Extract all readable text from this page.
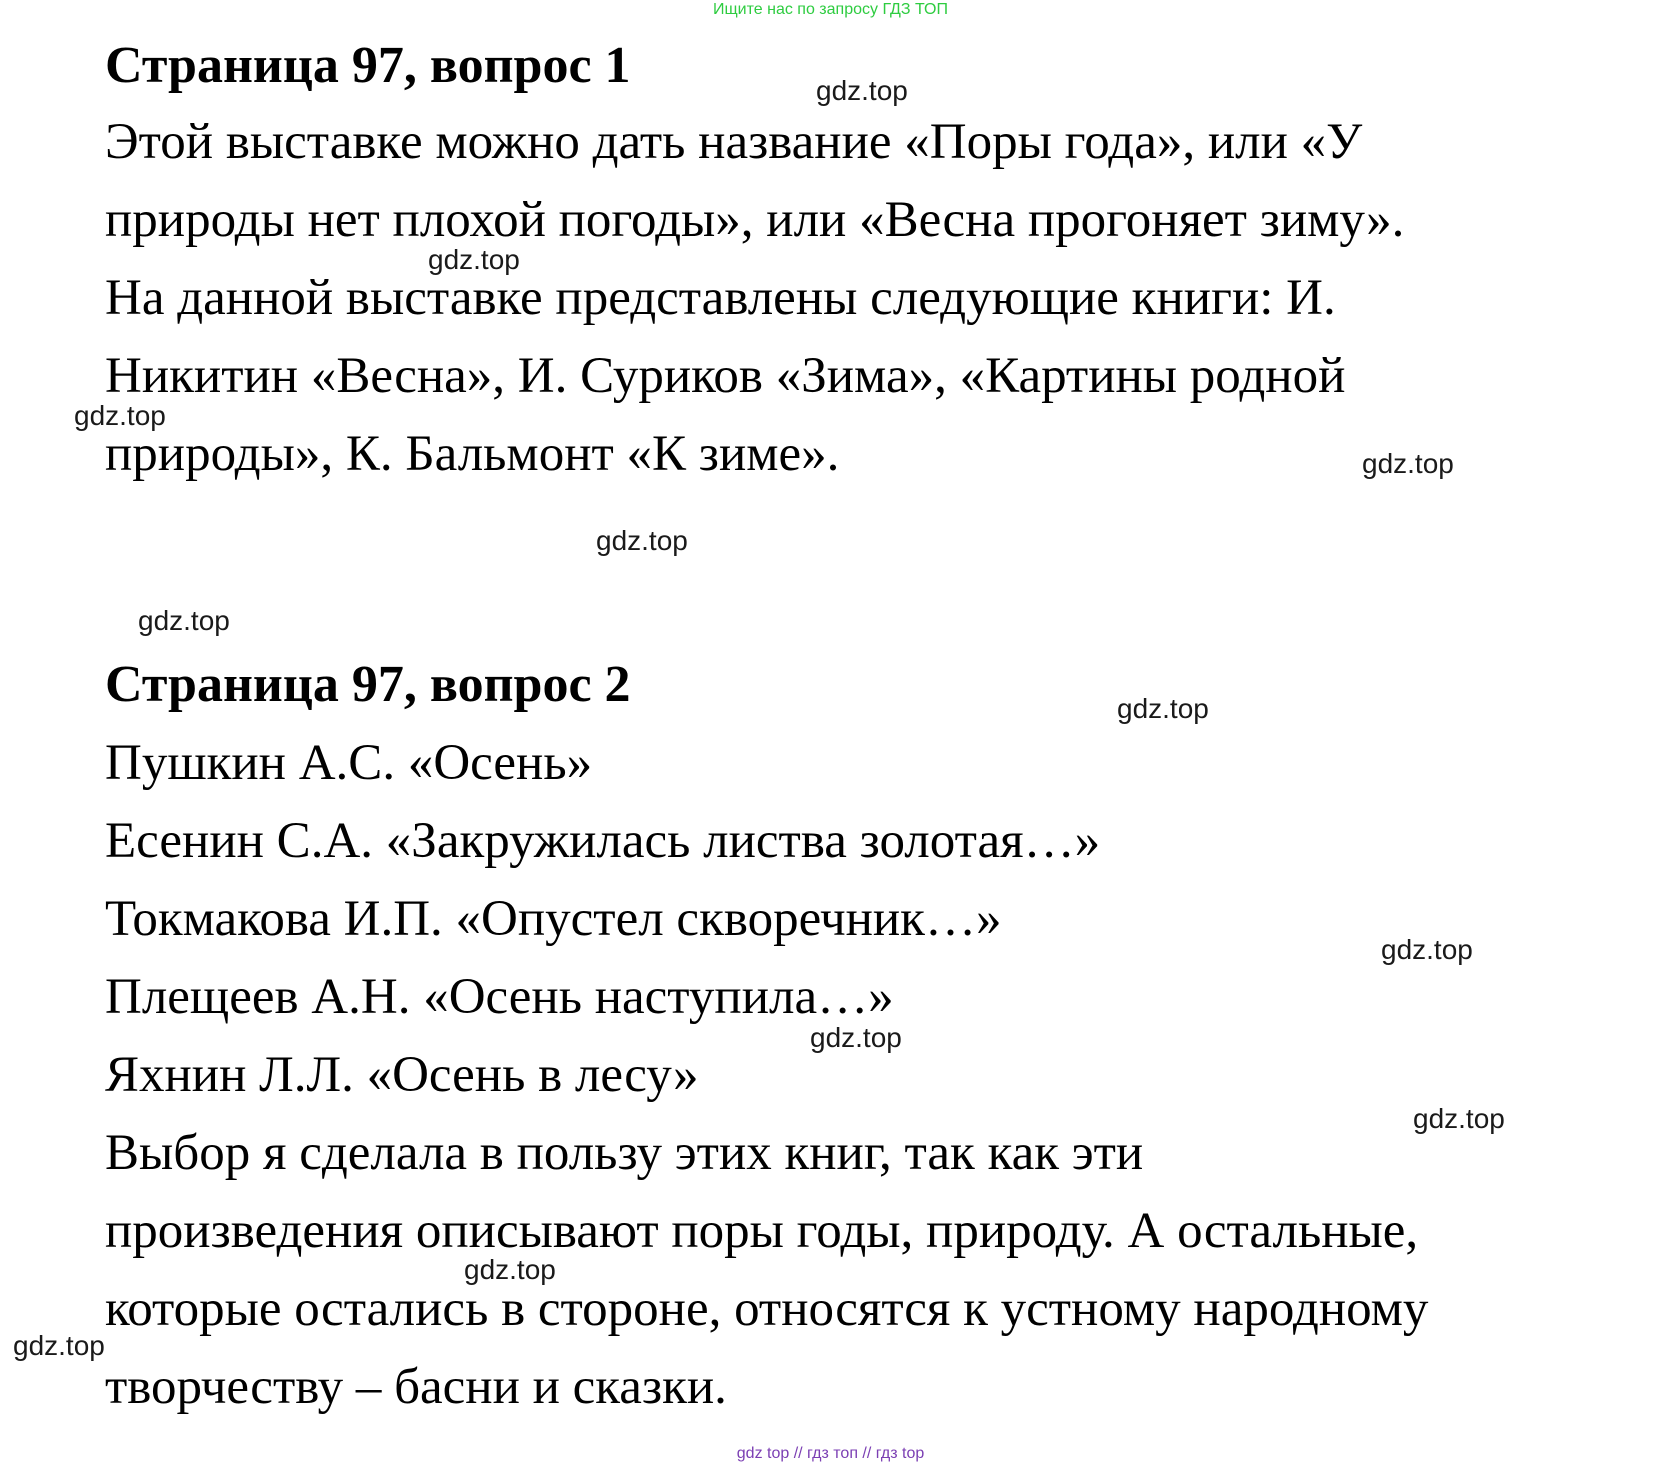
Ищите нас по запросу ГДЗ ТОП
Страница 97, вопрос 1
Этой выставке можно дать название «Поры года», или «У
природы нет плохой погоды», или «Весна прогоняет зиму».
На данной выставке представлены следующие книги: И.
Никитин «Весна», И. Суриков «Зима», «Картины родной
природы», К. Бальмонт «К зиме».
Страница 97, вопрос 2
Пушкин А.С. «Осень»
Есенин С.А. «Закружилась листва золотая…»
Токмакова И.П. «Опустел скворечник…»
Плещеев А.Н. «Осень наступила…»
Яхнин Л.Л. «Осень в лесу»
Выбор я сделала в пользу этих книг, так как эти
произведения описывают поры годы, природу. А остальные,
которые остались в стороне, относятся к устному народному
творчеству – басни и сказки.
gdz.top
gdz.top
gdz.top
gdz.top
gdz.top
gdz.top
gdz.top
gdz.top
gdz.top
gdz.top
gdz.top
gdz.top
gdz top // гдз топ // гдз top
